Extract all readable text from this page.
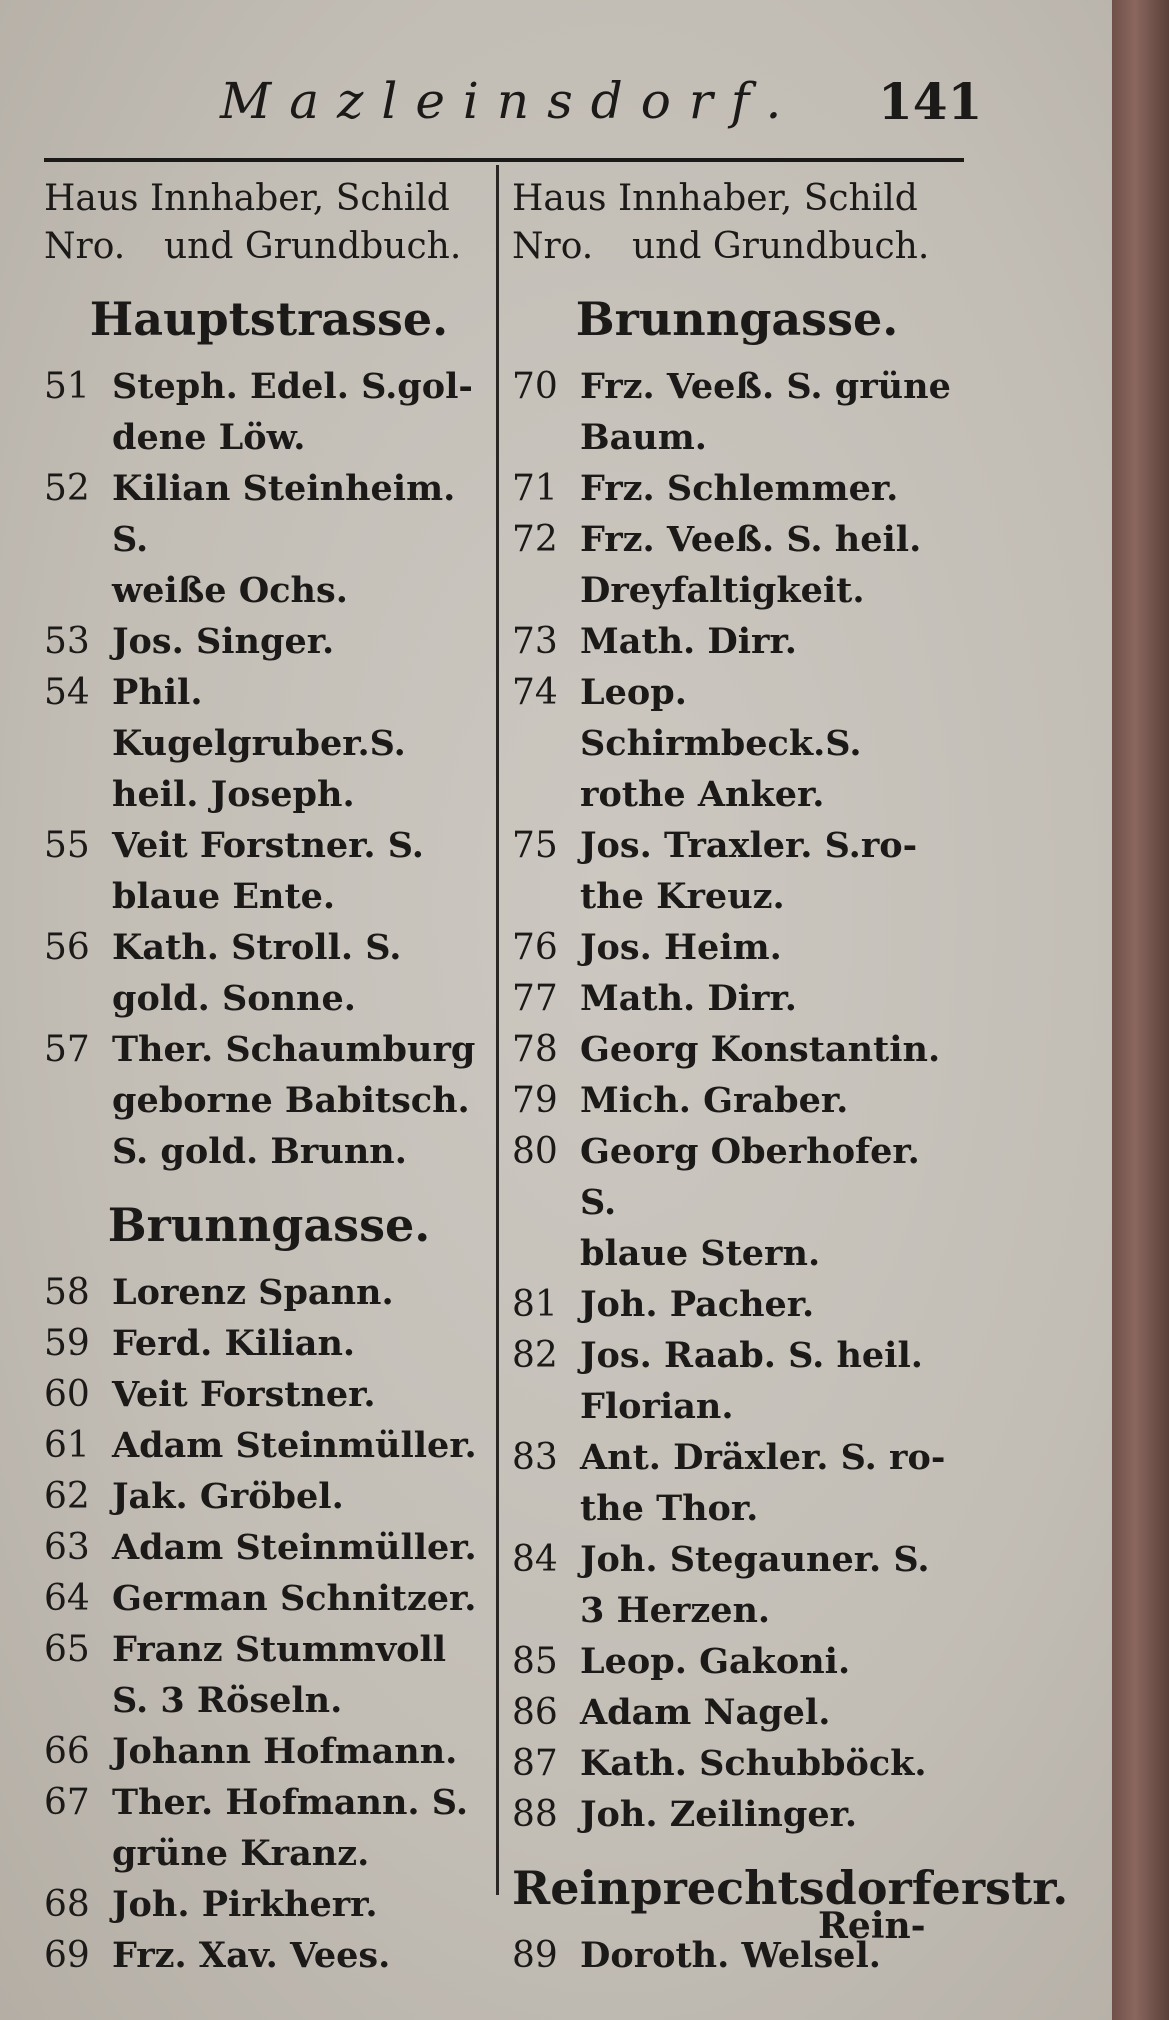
Mazleinsdorf. 141
Haus Innhaber, Schild
Nro. und Grundbuch.
Hauptstrasse.
51 Steph. Edel. S.gol-
dene Löw.
52 Kilian Steinheim. S.
weiße Ochs.
53 Jos. Singer.
54 Phil. Kugelgruber.S.
heil. Joseph.
55 Veit Forstner. S.
blaue Ente.
56 Kath. Stroll. S.
gold. Sonne.
57 Ther. Schaumburg
geborne Babitsch.
S. gold. Brunn.
Brunngasse.
58 Lorenz Spann.
59 Ferd. Kilian.
60 Veit Forstner.
61 Adam Steinmüller.
62 Jak. Gröbel.
63 Adam Steinmüller.
64 German Schnitzer.
65 Franz Stummvoll
S. 3 Röseln.
66 Johann Hofmann.
67 Ther. Hofmann. S.
grüne Kranz.
68 Joh. Pirkherr.
69 Frz. Xav. Vees.
Haus Innhaber, Schild
Nro. und Grundbuch.
Brunngasse.
70 Frz. Veeß. S. grüne
Baum.
71 Frz. Schlemmer.
72 Frz. Veeß. S. heil.
Dreyfaltigkeit.
73 Math. Dirr.
74 Leop. Schirmbeck.S.
rothe Anker.
75 Jos. Traxler. S.ro-
the Kreuz.
76 Jos. Heim.
77 Math. Dirr.
78 Georg Konstantin.
79 Mich. Graber.
80 Georg Oberhofer. S.
blaue Stern.
81 Joh. Pacher.
82 Jos. Raab. S. heil.
Florian.
83 Ant. Dräxler. S. ro-
the Thor.
84 Joh. Stegauner. S.
3 Herzen.
85 Leop. Gakoni.
86 Adam Nagel.
87 Kath. Schubböck.
88 Joh. Zeilinger.
Reinprechtsdorferstr.
89 Doroth. Welsel.
Rein-
